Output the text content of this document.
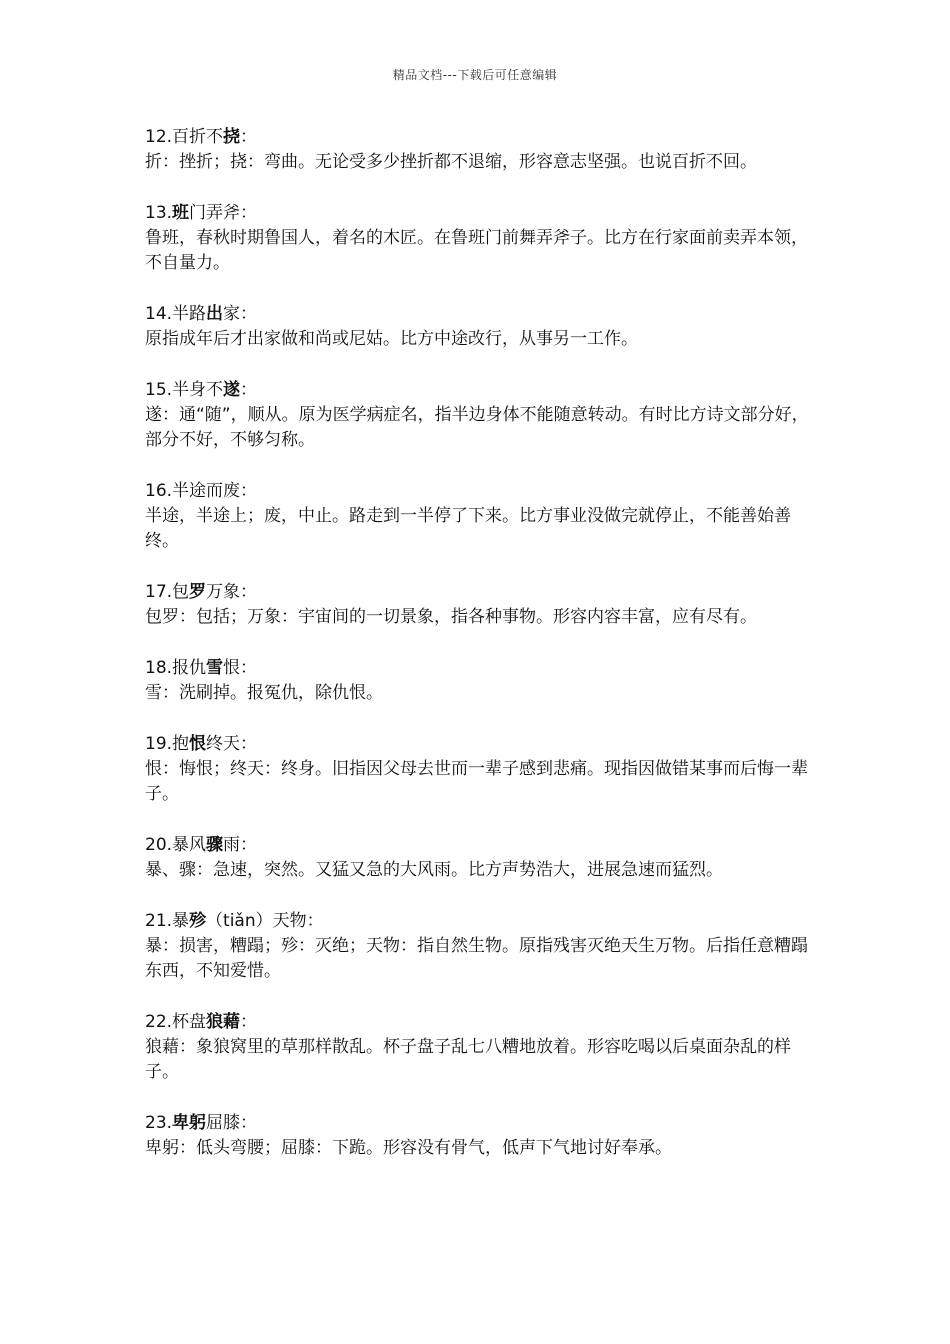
精品文档---下载后可任意编辑
12.百折不挠：
折：挫折；挠：弯曲。无论受多少挫折都不退缩，形容意志坚强。也说百折不回。
13.班门弄斧：
鲁班，春秋时期鲁国人，着名的木匠。在鲁班门前舞弄斧子。比方在行家面前卖弄本领，不自量力。
14.半路出家：
原指成年后才出家做和尚或尼姑。比方中途改行，从事另一工作。
15.半身不遂：
遂：通“随”，顺从。原为医学病症名，指半边身体不能随意转动。有时比方诗文部分好，部分不好，不够匀称。
16.半途而废：
半途，半途上；废，中止。路走到一半停了下来。比方事业没做完就停止，不能善始善终。
17.包罗万象：
包罗：包括；万象：宇宙间的一切景象，指各种事物。形容内容丰富，应有尽有。
18.报仇雪恨：
雪：洗刷掉。报冤仇，除仇恨。
19.抱恨终天：
恨：悔恨；终天：终身。旧指因父母去世而一辈子感到悲痛。现指因做错某事而后悔一辈子。
20.暴风骤雨：
暴、骤：急速，突然。又猛又急的大风雨。比方声势浩大，进展急速而猛烈。
21.暴殄（tiǎn）天物：
暴：损害，糟蹋；殄：灭绝；天物：指自然生物。原指残害灭绝天生万物。后指任意糟蹋东西，不知爱惜。
22.杯盘狼藉：
狼藉：象狼窝里的草那样散乱。杯子盘子乱七八糟地放着。形容吃喝以后桌面杂乱的样子。
23.卑躬屈膝：
卑躬：低头弯腰；屈膝：下跪。形容没有骨气，低声下气地讨好奉承。
